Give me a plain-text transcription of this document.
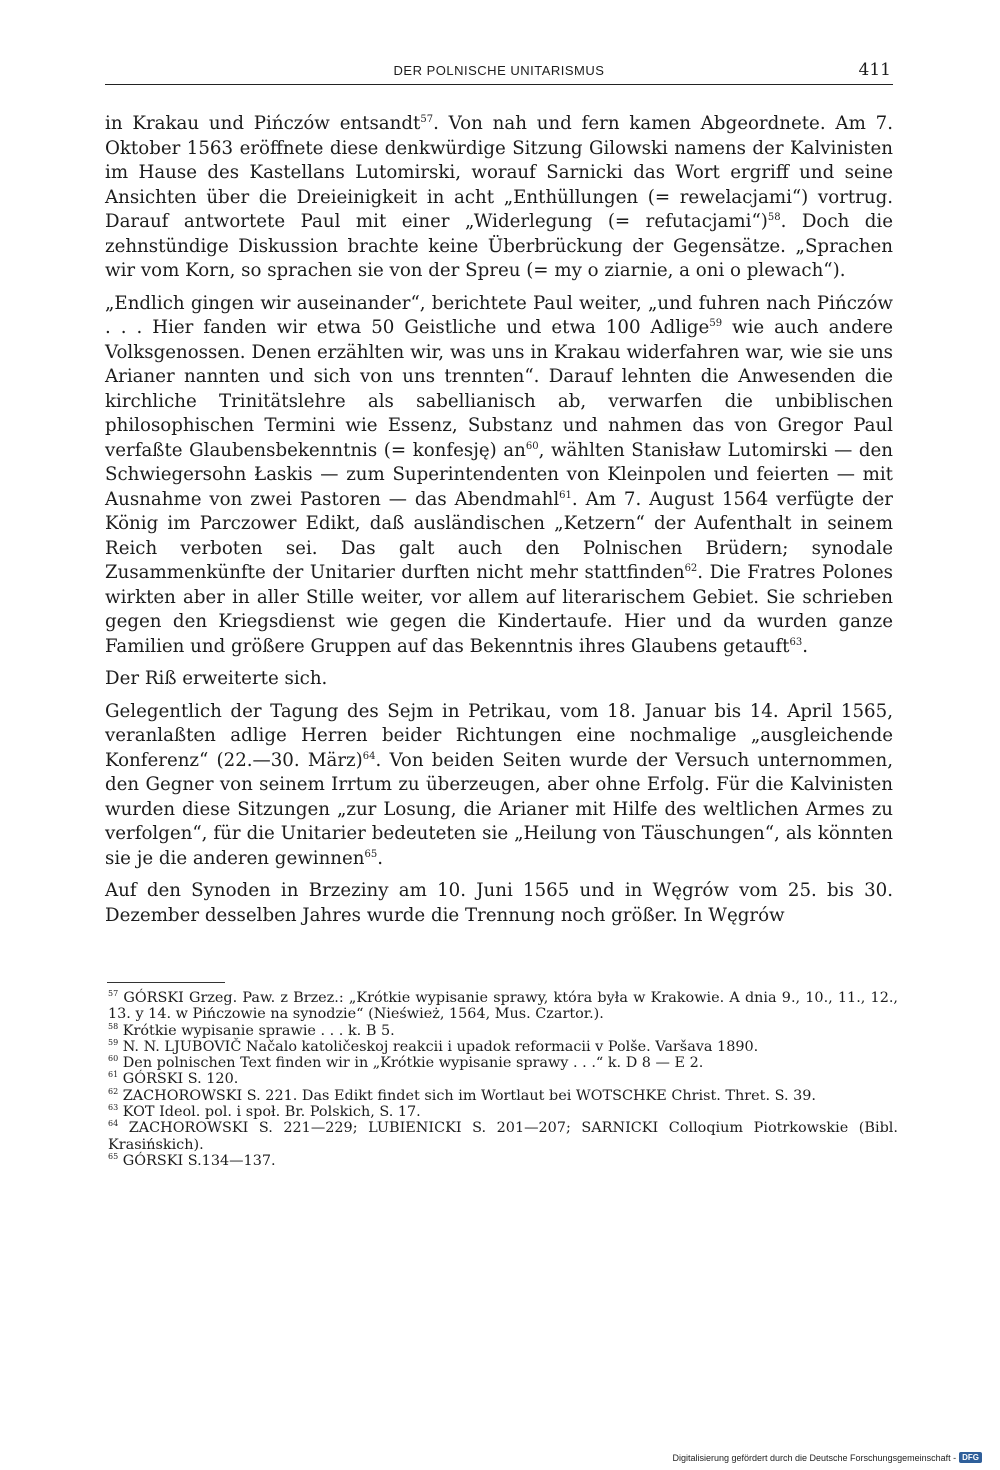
DER POLNISCHE UNITARISMUS	411

in Krakau und Pińczów entsandt$^{57}$. Von nah und fern kamen Abgeordnete. Am 7. Oktober 1563 eröffnete diese denkwürdige Sitzung Gilowski namens der Kalvinisten im Hause des Kastellans Lutomirski, worauf Sarnicki das Wort ergriff und seine Ansichten über die Dreieinigkeit in acht „Enthüllungen (= rewelacjami“) vortrug. Darauf antwortete Paul mit einer „Widerlegung (= refutacjami“)$^{58}$. Doch die zehnstündige Diskussion brachte keine Überbrückung der Gegensätze. „Sprachen wir vom Korn, so sprachen sie von der Spreu (= my o ziarnie, a oni o plewach“).

„Endlich gingen wir auseinander“, berichtete Paul weiter, „und fuhren nach Pińczów . . . Hier fanden wir etwa 50 Geistliche und etwa 100 Adlige$^{59}$ wie auch andere Volksgenossen. Denen erzählten wir, was uns in Krakau widerfahren war, wie sie uns Arianer nannten und sich von uns trennten“. Darauf lehnten die Anwesenden die kirchliche Trinitätslehre als sabellianisch ab, verwarfen die unbiblischen philosophischen Termini wie Essenz, Substanz und nahmen das von Gregor Paul verfaßte Glaubensbekenntnis (= konfesję) $an^{60}$, wählten Stanisław Lutomirski — den Schwiegersohn Łaskis — zum Superintendenten von Kleinpolen und feierten — mit Ausnahme von zwei Pastoren — das Abendmahl$^{61}$. Am 7. August 1564 verfügte der König im Parczower Edikt, daß ausländischen „Ketzern“ der Aufenthalt in seinem Reich verboten sei. Das galt auch den Polnischen Brüdern; synodale Zusammenkünfte der Unitarier durften nicht mehr stattfinden$^{62}$. Die Fratres Polones wirkten aber in aller Stille weiter, vor allem auf literarischem Gebiet. Sie schrieben gegen den Kriegsdienst wie gegen die Kindertaufe. Hier und da wurden ganze Familien und größere Gruppen auf das Bekenntnis ihres Glaubens getauft$^{63}$.

Der Riß erweiterte sich.

Gelegentlich der Tagung des Sejm in Petrikau, vom 18. Januar bis 14. April 1565, veranlaßten adlige Herren beider Richtungen eine nochmalige „ausgleichende Konferenz“ (22.—30. März)$^{64}$. Von beiden Seiten wurde der Versuch unternommen, den Gegner von seinem Irrtum zu überzeugen, aber ohne Erfolg. Für die Kalvinisten wurden diese Sitzungen „zur Losung, die Arianer mit Hilfe des weltlichen Armes zu verfolgen“, für die Unitarier bedeuteten sie „Heilung von Täuschungen“, als könnten sie je die anderen gewinnen$^{65}$.

Auf den Synoden in Brzeziny am 10. Juni 1565 und in Węgrów vom 25. bis 30. Dezember desselben Jahres wurde die Trennung noch größer. In Węgrów

$^{57}$ GÓRSKI Grzeg. Paw. z Brzez.: „Krótkie wypisanie sprawy, która była w Krakowie. A dnia 9., 10., 11., 12., 13. y 14. w Pińczowie na synodzie“ (Nieśwież, 1564, Mus. Czartor.).

$^{58}$ Krótkie wypisanie sprawie . . . k. B 5.

$^{59}$ N. N. LJUBOVIČ Načalo katoličeskoj reakcii i upadok reformacii v Polše. Varšava 1890.

$^{60}$ Den polnischen Text finden wir in „Krótkie wypisanie sprawy . . .“ k. D 8 — E 2.

$^{61}$ GÓRSKI S. 120.

$^{62}$ ZACHOROWSKI S. 221. Das Edikt findet sich im Wortlaut bei WOTSCHKE Christ. Thret. S. 39.

$^{63}$ KOT Ideol. pol. i społ. Br. Polskich, S. 17.

$^{64}$ ZACHOROWSKI S. 221—229; LUBIENICKI S. 201—207; SARNICKI Colloqium Piotrkowskie (Bibl. Krasińskich).

$^{65}$ GÓRSKI S.134—137.

Digitalisierung gefördert durch die Deutsche Forschungsgemeinschaft - DFG
